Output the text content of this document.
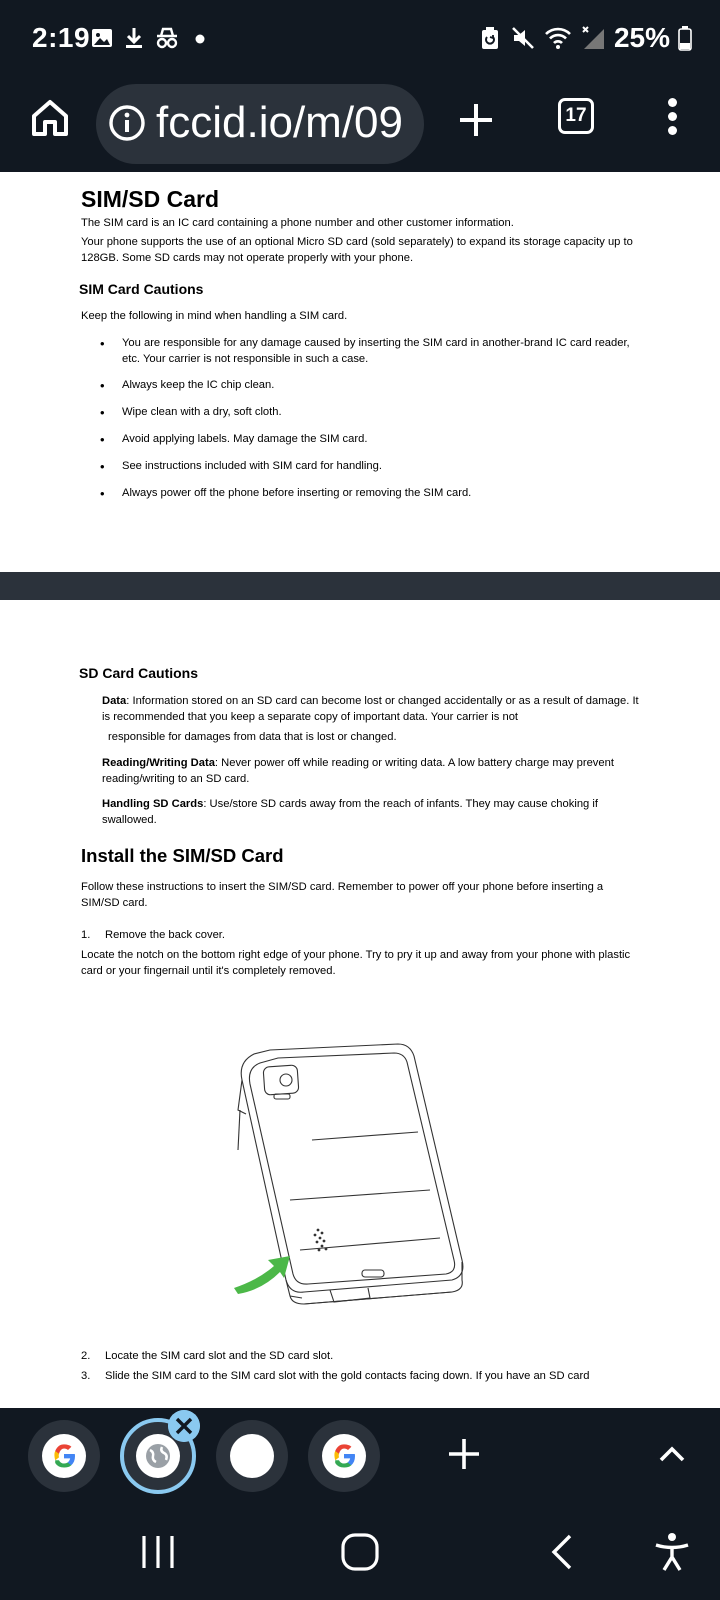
2:19	25%
fccid.io/m/09	17
SIM/SD Card
The SIM card is an IC card containing a phone number and other customer information.
Your phone supports the use of an optional Micro SD card (sold separately) to expand its storage capacity up to 128GB. Some SD cards may not operate properly with your phone.
SIM Card Cautions
Keep the following in mind when handling a SIM card.
• You are responsible for any damage caused by inserting the SIM card in another-brand IC card reader, etc. Your carrier is not responsible in such a case.
• Always keep the IC chip clean.
• Wipe clean with a dry, soft cloth.
• Avoid applying labels. May damage the SIM card.
• See instructions included with SIM card for handling.
• Always power off the phone before inserting or removing the SIM card.
SD Card Cautions
Data: Information stored on an SD card can become lost or changed accidentally or as a result of damage. It is recommended that you keep a separate copy of important data. Your carrier is not
responsible for damages from data that is lost or changed.
Reading/Writing Data: Never power off while reading or writing data. A low battery charge may prevent reading/writing to an SD card.
Handling SD Cards: Use/store SD cards away from the reach of infants. They may cause choking if swallowed.
Install the SIM/SD Card
Follow these instructions to insert the SIM/SD card. Remember to power off your phone before inserting a SIM/SD card.
1. Remove the back cover.
Locate the notch on the bottom right edge of your phone. Try to pry it up and away from your phone with plastic card or your fingernail until it's completely removed.
2. Locate the SIM card slot and the SD card slot.
3. Slide the SIM card to the SIM card slot with the gold contacts facing down. If you have an SD card
